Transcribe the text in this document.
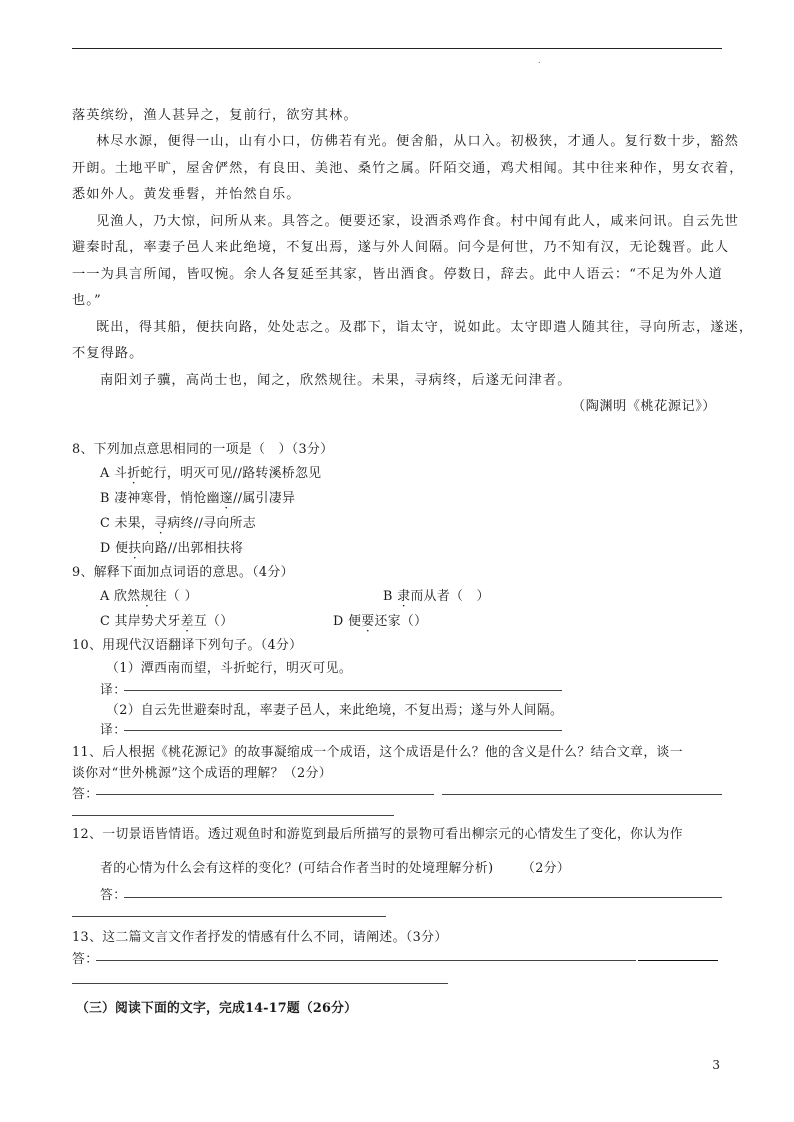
.
落英缤纷，渔人甚异之，复前行，欲穷其林。
林尽水源，便得一山，山有小口，仿佛若有光。便舍船，从口入。初极狭，才通人。复行数十步，豁然
开朗。土地平旷，屋舍俨然，有良田、美池、桑竹之属。阡陌交通，鸡犬相闻。其中往来种作，男女衣着，
悉如外人。黄发垂髫，并怡然自乐。
见渔人，乃大惊，问所从来。具答之。便要还家，设酒杀鸡作食。村中闻有此人，咸来问讯。自云先世
避秦时乱，率妻子邑人来此绝境，不复出焉，遂与外人间隔。问今是何世，乃不知有汉，无论魏晋。此人
一一为具言所闻，皆叹惋。余人各复延至其家，皆出酒食。停数日，辞去。此中人语云：“不足为外人道
也。”
既出，得其船，便扶向路，处处志之。及郡下，诣太守，说如此。太守即遣人随其往，寻向所志，遂迷，
不复得路。
南阳刘子骥，高尚士也，闻之，欣然规往。未果，寻病终，后遂无问津者。
（陶渊明《桃花源记》）
8、下列加点意思相同的一项是（　）（3分）
A 斗折蛇行，明灭可见//路转溪桥忽见
B 凄神寒骨，悄怆幽邃//属引凄异
C 未果，寻病终//寻向所志
D 便扶向路//出郭相扶将
9、解释下面加点词语的意思。（4分）
A 欣然规往（ ）	B 隶而从者（　）
C 其岸势犬牙差互（）	D 便要还家（）
10、用现代汉语翻译下列句子。（4分）
（1）潭西南而望，斗折蛇行，明灭可见。
译：
（2）自云先世避秦时乱，率妻子邑人，来此绝境，不复出焉；遂与外人间隔。
译：
11、后人根据《桃花源记》的故事凝缩成一个成语，这个成语是什么？他的含义是什么？结合文章，谈一
谈你对“世外桃源”这个成语的理解？（2分）
答：
12、一切景语皆情语。透过观鱼时和游览到最后所描写的景物可看出柳宗元的心情发生了变化，你认为作
者的心情为什么会有这样的变化？(可结合作者当时的处境理解分析) （2分）
答：
13、这二篇文言文作者抒发的情感有什么不同，请阐述。（3分）
答：
（三）阅读下面的文字，完成14-17题（26分）
3
